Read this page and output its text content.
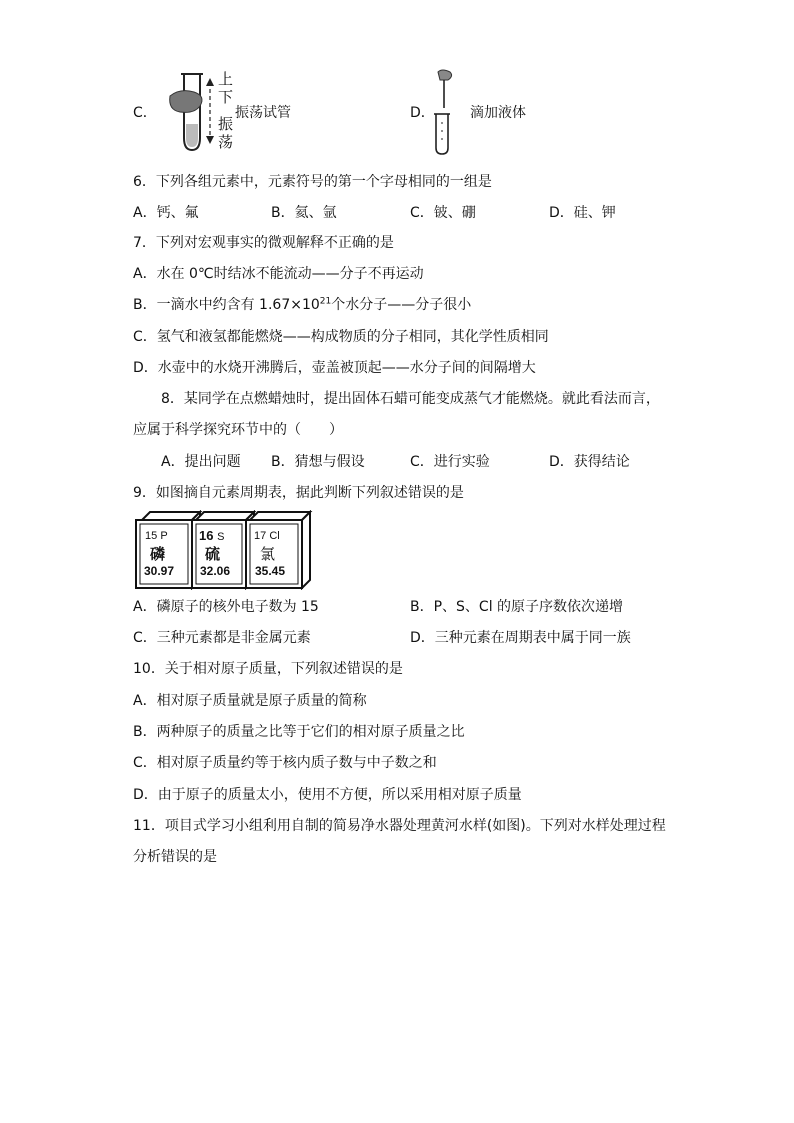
C．
上
下
振
荡
振荡试管	D．	滴加液体
6．下列各组元素中，元素符号的第一个字母相同的一组是
A．钙、氟	B．氦、氩	C．铍、硼	D．硅、钾
7．下列对宏观事实的微观解释不正确的是
A．水在 0℃时结冰不能流动——分子不再运动
B．一滴水中约含有 $1.67\times 10^{21}$个水分子——分子很小
C．氢气和液氢都能燃烧——构成物质的分子相同，其化学性质相同
D．水壶中的水烧开沸腾后，壶盖被顶起——水分子间的间隔增大
8．某同学在点燃蜡烛时，提出固体石蜡可能变成蒸气才能燃烧。就此看法而言，
应属于科学探究环节中的（　　）
A．提出问题 B．猜想与假设	C．进行实验	D．获得结论
9．如图摘自元素周期表，据此判断下列叙述错误的是
15 P
磷
30.97
16 S
硫
32.06
17 Cl
氯
35.45
A．磷原子的核外电子数为 15	B．P、S、Cl 的原子序数依次递增
C．三种元素都是非金属元素	D．三种元素在周期表中属于同一族
10．关于相对原子质量，下列叙述错误的是
A．相对原子质量就是原子质量的简称
B．两种原子的质量之比等于它们的相对原子质量之比
C．相对原子质量约等于核内质子数与中子数之和
D．由于原子的质量太小，使用不方便，所以采用相对原子质量
11．项目式学习小组利用自制的简易净水器处理黄河水样(如图)。下列对水样处理过程
分析错误的是
